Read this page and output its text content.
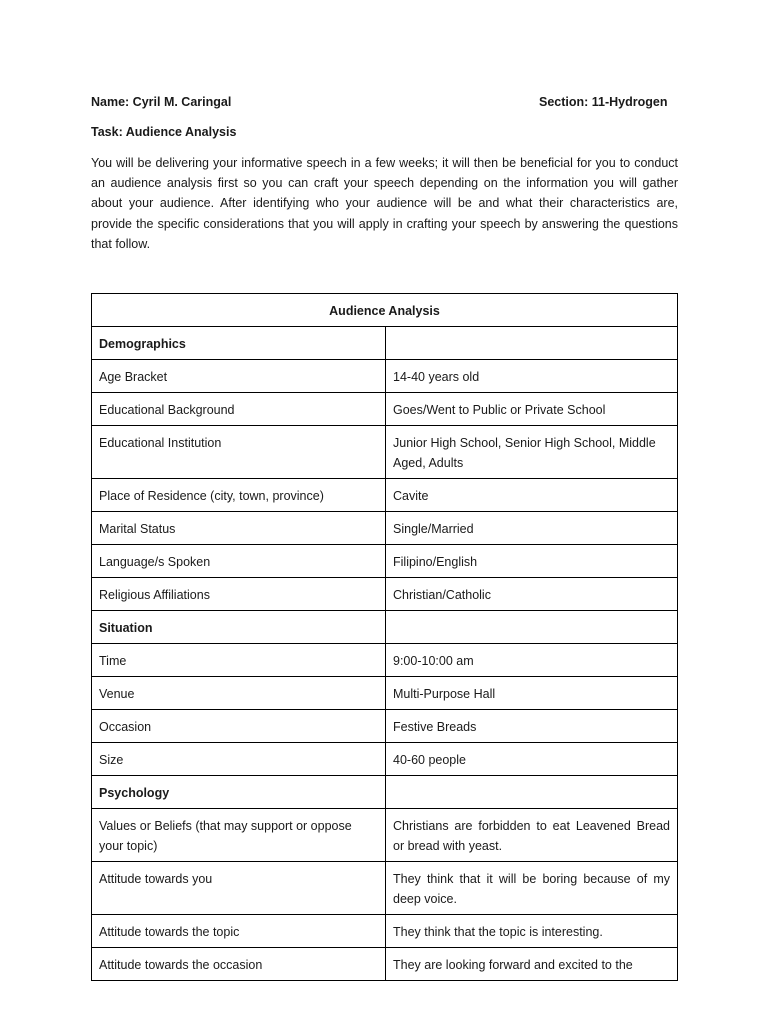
Name: Cyril M. Caringal	Section: 11-Hydrogen
Task: Audience Analysis

You will be delivering your informative speech in a few weeks; it will then be beneficial for you to conduct an audience analysis first so you can craft your speech depending on the information you will gather about your audience. After identifying who your audience will be and what their characteristics are, provide the specific considerations that you will apply in crafting your speech by answering the questions that follow.

Audience Analysis	
Demographics	
Age Bracket	14-40 years old
Educational Background	Goes/Went to Public or Private School
Educational Institution	Junior High School, Senior High School, Middle Aged, Adults
Place of Residence (city, town, province)	Cavite
Marital Status	Single/Married
Language/s Spoken	Filipino/English
Religious Affiliations	Christian/Catholic
Situation	
Time	9:00-10:00 am
Venue	Multi-Purpose Hall
Occasion	Festive Breads
Size	40-60 people
Psychology	
Values or Beliefs (that may support or oppose your topic)	Christians are forbidden to eat Leavened Bread or bread with yeast.
Attitude towards you	They think that it will be boring because of my deep voice.
Attitude towards the topic	They think that the topic is interesting.
Attitude towards the occasion	They are looking forward and excited to the
